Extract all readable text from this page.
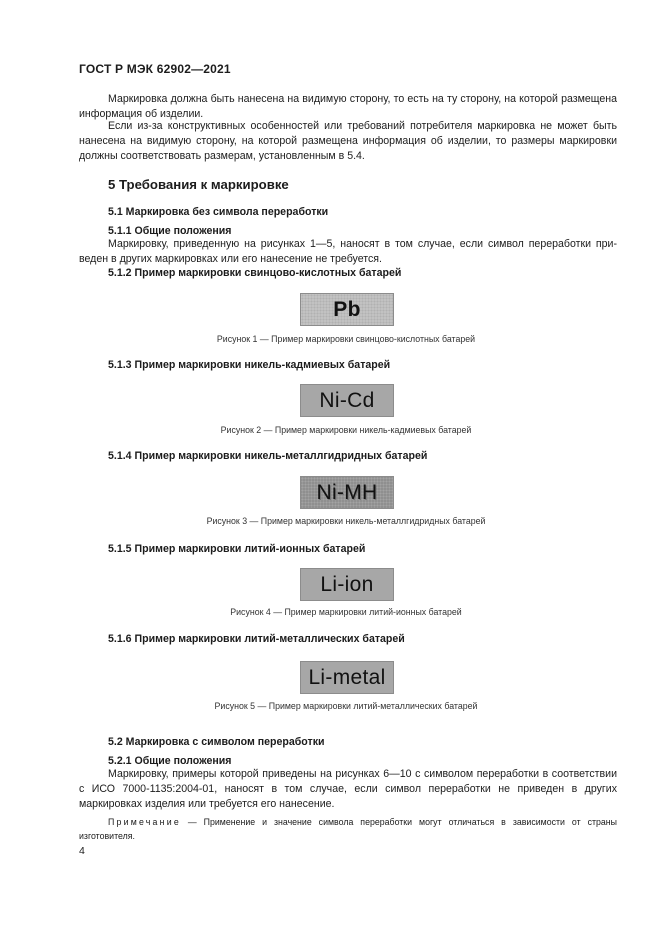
ГОСТ Р МЭК 62902—2021
Маркировка должна быть нанесена на видимую сторону, то есть на ту сторону, на которой размещена информация об изделии.
Если из-за конструктивных особенностей или требований потребителя маркировка не может быть нанесена на видимую сторону, на которой размещена информация об изделии, то размеры маркировки должны соответствовать размерам, установленным в 5.4.
5 Требования к маркировке
5.1 Маркировка без символа переработки
5.1.1 Общие положения
Маркировку, приведенную на рисунках 1—5, наносят в том случае, если символ переработки приведен в других маркировках или его нанесение не требуется.
5.1.2 Пример маркировки свинцово-кислотных батарей
Pb
Рисунок 1 — Пример маркировки свинцово-кислотных батарей
5.1.3 Пример маркировки никель-кадмиевых батарей
Ni-Cd
Рисунок 2 — Пример маркировки никель-кадмиевых батарей
5.1.4 Пример маркировки никель-металлгидридных батарей
Ni-MH
Рисунок 3 — Пример маркировки никель-металлгидридных батарей
5.1.5 Пример маркировки литий-ионных батарей
Li-ion
Рисунок 4 — Пример маркировки литий-ионных батарей
5.1.6 Пример маркировки литий-металлических батарей
Li-metal
Рисунок 5 — Пример маркировки литий-металлических батарей
5.2 Маркировка с символом переработки
5.2.1 Общие положения
Маркировку, примеры которой приведены на рисунках 6—10 с символом переработки в соответствии с ИСО 7000-1135:2004-01, наносят в том случае, если символ переработки не приведен в других маркировках изделия или требуется его нанесение.
Примечание — Применение и значение символа переработки могут отличаться в зависимости от страны изготовителя.
4
